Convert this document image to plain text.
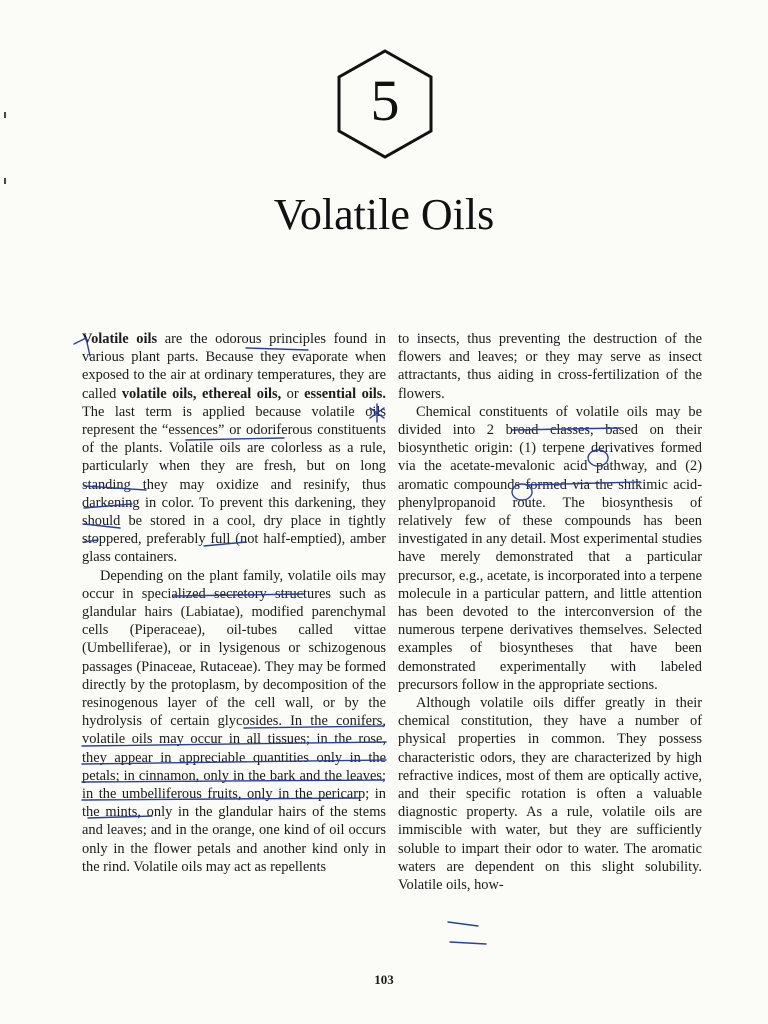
5
Volatile Oils

Volatile oils are the odorous principles found in various plant parts. Because they evaporate when exposed to the air at ordinary temperatures, they are called volatile oils, ethereal oils, or essential oils. The last term is applied because volatile oils represent the “essences” or odoriferous constituents of the plants. Volatile oils are colorless as a rule, particularly when they are fresh, but on long standing they may oxidize and resinify, thus darkening in color. To prevent this darkening, they should be stored in a cool, dry place in tightly stoppered, preferably full (not half-emptied), amber glass containers.

Depending on the plant family, volatile oils may occur in specialized secretory structures such as glandular hairs (Labiatae), modified parenchymal cells (Piperaceae), oil-tubes called vittae (Umbelliferae), or in lysigenous or schizogenous passages (Pinaceae, Rutaceae). They may be formed directly by the protoplasm, by decomposition of the resinogenous layer of the cell wall, or by the hydrolysis of certain glycosides. In the conifers, volatile oils may occur in all tissues; in the rose, they appear in appreciable quantities only in the petals; in cinnamon, only in the bark and the leaves; in the umbelliferous fruits, only in the pericarp; in the mints, only in the glandular hairs of the stems and leaves; and in the orange, one kind of oil occurs only in the flower petals and another kind only in the rind. Volatile oils may act as repellents

to insects, thus preventing the destruction of the flowers and leaves; or they may serve as insect attractants, thus aiding in cross-fertilization of the flowers.

Chemical constituents of volatile oils may be divided into 2 broad classes, based on their biosynthetic origin: (1) terpene derivatives formed via the acetate-mevalonic acid pathway, and (2) aromatic compounds formed via the shikimic acid-phenylpropanoid route. The biosynthesis of relatively few of these compounds has been investigated in any detail. Most experimental studies have merely demonstrated that a particular precursor, e.g., acetate, is incorporated into a terpene molecule in a particular pattern, and little attention has been devoted to the interconversion of the numerous terpene derivatives themselves. Selected examples of biosyntheses that have been demonstrated experimentally with labeled precursors follow in the appropriate sections.

Although volatile oils differ greatly in their chemical constitution, they have a number of physical properties in common. They possess characteristic odors, they are characterized by high refractive indices, most of them are optically active, and their specific rotation is often a valuable diagnostic property. As a rule, volatile oils are immiscible with water, but they are sufficiently soluble to impart their odor to water. The aromatic waters are dependent on this slight solubility. Volatile oils, how-

103
